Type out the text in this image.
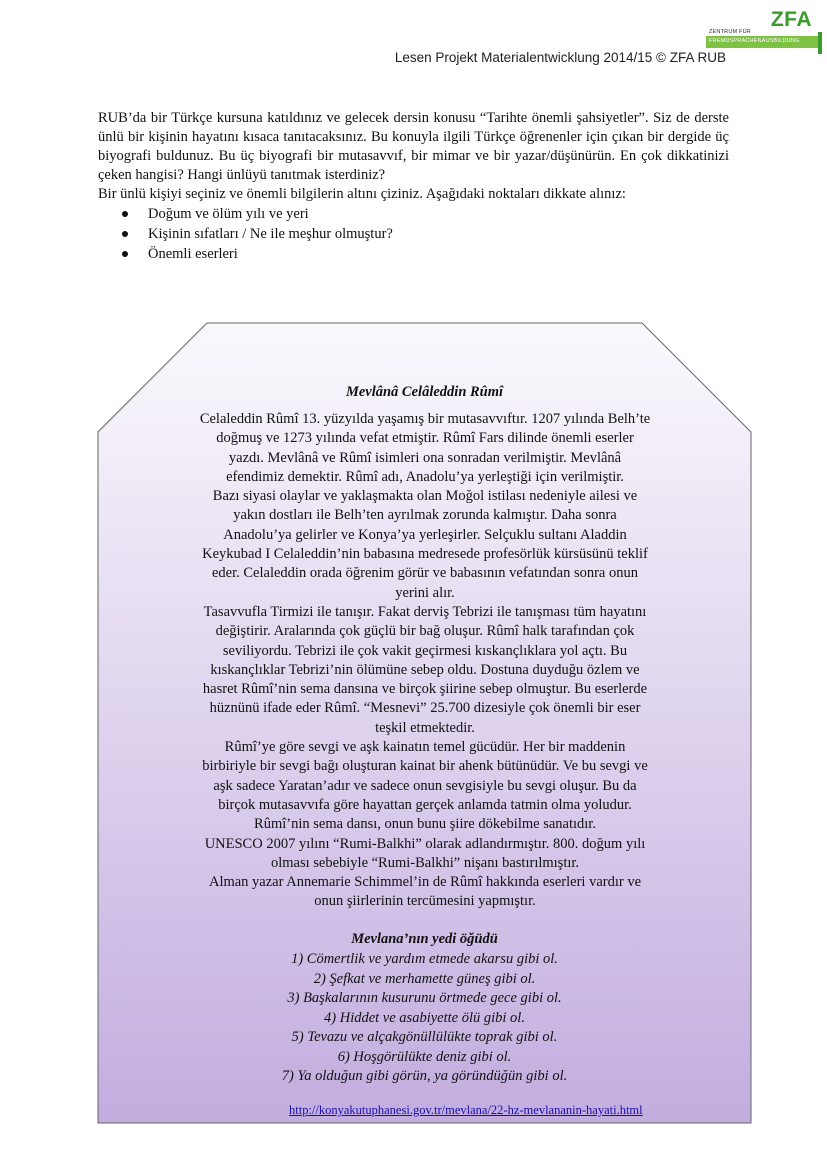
ZFA
ZENTRUM FÜR
FREMDSPRACHENAUSBILDUNG
Lesen Projekt Materialentwicklung 2014/15 © ZFA RUB

RUB’da bir Türkçe kursuna katıldınız ve gelecek dersin konusu “Tarihte önemli şahsiyetler”. Siz de derste ünlü bir kişinin hayatını kısaca tanıtacaksınız. Bu konuyla ilgili Türkçe öğrenenler için çıkan bir dergide üç biyografi buldunuz. Bu üç biyografi bir mutasavvıf, bir mimar ve bir yazar/düşünürün. En çok dikkatinizi çeken hangisi? Hangi ünlüyü tanıtmak isterdiniz?

Bir ünlü kişiyi seçiniz ve önemli bilgilerin altını çiziniz. Aşağıdaki noktaları dikkate alınız:

Doğum ve ölüm yılı ve yeri
Kişinin sıfatları / Ne ile meşhur olmuştur?
Önemli eserleri
Mevlânâ Celâleddin Rûmî

Celaleddin Rûmî 13. yüzyılda yaşamış bir mutasavvıftır. 1207 yılında Belh’te

doğmuş ve 1273 yılında vefat etmiştir. Rûmî Fars dilinde önemli eserler

yazdı. Mevlânâ ve Rûmî isimleri ona sonradan verilmiştir. Mevlânâ

efendimiz demektir. Rûmî adı, Anadolu’ya yerleştiği için verilmiştir.

Bazı siyasi olaylar ve yaklaşmakta olan Moğol istilası nedeniyle ailesi ve

yakın dostları ile Belh’ten ayrılmak zorunda kalmıştır. Daha sonra

Anadolu’ya gelirler ve Konya’ya yerleşirler. Selçuklu sultanı Aladdin

Keykubad I Celaleddin’nin babasına medresede profesörlük kürsüsünü teklif

eder. Celaleddin orada öğrenim görür ve babasının vefatından sonra onun

yerini alır.

Tasavvufla Tirmizi ile tanışır. Fakat derviş Tebrizi ile tanışması tüm hayatını

değiştirir. Aralarında çok güçlü bir bağ oluşur. Rûmî halk tarafından çok

seviliyordu. Tebrizi ile çok vakit geçirmesi kıskançlıklara yol açtı. Bu

kıskançlıklar Tebrizi’nin ölümüne sebep oldu. Dostuna duyduğu özlem ve

hasret Rûmî’nin sema dansına ve birçok şiirine sebep olmuştur. Bu eserlerde

hüznünü ifade eder Rûmî. “Mesnevi” 25.700 dizesiyle çok önemli bir eser

teşkil etmektedir.

Rûmî’ye göre sevgi ve aşk kainatın temel gücüdür. Her bir maddenin

birbiriyle bir sevgi bağı oluşturan kainat bir ahenk bütünüdür. Ve bu sevgi ve

aşk sadece Yaratan’adır ve sadece onun sevgisiyle bu sevgi oluşur. Bu da

birçok mutasavvıfa göre hayattan gerçek anlamda tatmin olma yoludur.

Rûmî’nin sema dansı, onun bunu şiire dökebilme sanatıdır.

UNESCO 2007 yılını “Rumi-Balkhi” olarak adlandırmıştır. 800. doğum yılı

olması sebebiyle “Rumi-Balkhi” nişanı bastırılmıştır.

Alman yazar Annemarie Schimmel’in de Rûmî hakkında eserleri vardır ve

onun şiirlerinin tercümesini yapmıştır.

Mevlana’nın yedi öğüdü
1) Cömertlik ve yardım etmede akarsu gibi ol.
2) Şefkat ve merhamette güneş gibi ol.
3) Başkalarının kusurunu örtmede gece gibi ol.
4) Hiddet ve asabiyette ölü gibi ol.
5) Tevazu ve alçakgönüllülükte toprak gibi ol.
6) Hoşgörülükte deniz gibi ol.
7) Ya olduğun gibi görün, ya göründüğün gibi ol.
http://konyakutuphanesi.gov.tr/mevlana/22-hz-mevlananin-hayati.html
